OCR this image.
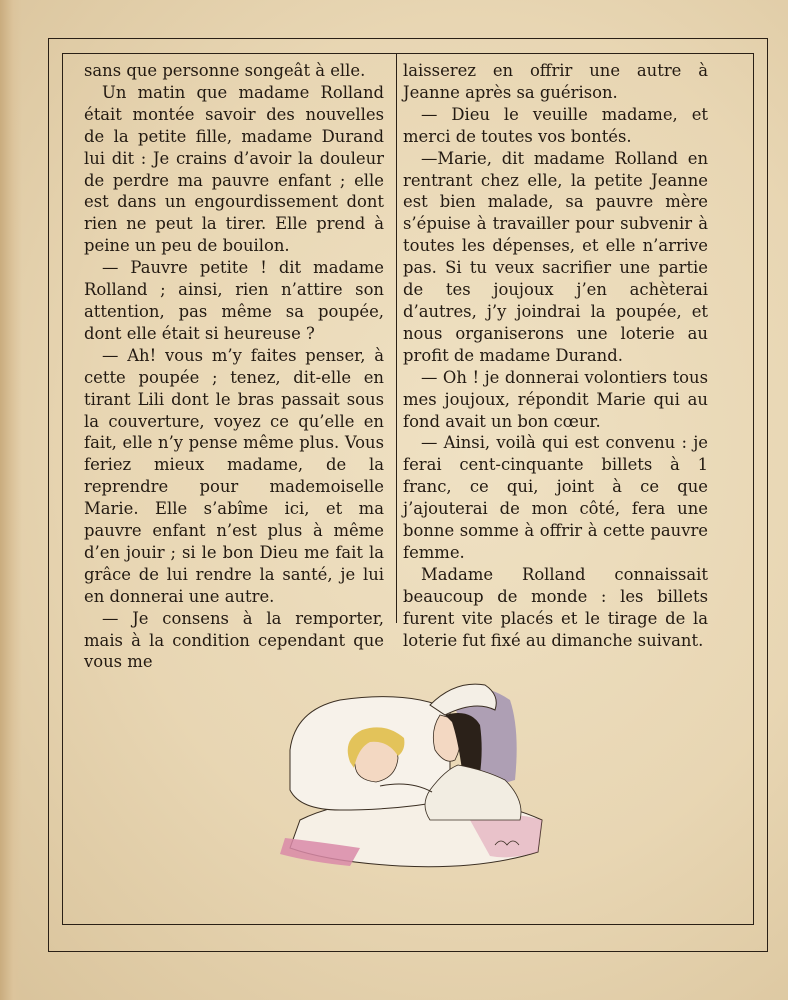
sans que personne songeât à elle.

Un matin que madame Rolland était montée savoir des nouvelles de la petite fille, madame Durand lui dit : Je crains d’avoir la douleur de perdre ma pauvre enfant ; elle est dans un engourdissement dont rien ne peut la tirer. Elle prend à peine un peu de bouilon.

— Pauvre petite ! dit madame Rolland ; ainsi, rien n’attire son attention, pas même sa poupée, dont elle était si heureuse ?

— Ah! vous m’y faites penser, à cette poupée ; tenez, dit-elle en tirant Lili dont le bras passait sous la couverture, voyez ce qu’elle en fait, elle n’y pense même plus. Vous feriez mieux madame, de la reprendre pour mademoiselle Marie. Elle s’abîme ici, et ma pauvre enfant n’est plus à même d’en jouir ; si le bon Dieu me fait la grâce de lui rendre la santé, je lui en donnerai une autre.

— Je consens à la remporter, mais à la condition cependant que vous me

laisserez en offrir une autre à Jeanne après sa guérison.

— Dieu le veuille madame, et merci de toutes vos bontés.

—Marie, dit madame Rolland en rentrant chez elle, la petite Jeanne est bien malade, sa pauvre mère s’épuise à travailler pour subvenir à toutes les dépenses, et elle n’arrive pas. Si tu veux sacrifier une partie de tes joujoux j’en achèterai d’autres, j’y joindrai la poupée, et nous organiserons une loterie au profit de madame Durand.

— Oh ! je donnerai volontiers tous mes joujoux, répondit Marie qui au fond avait un bon cœur.

— Ainsi, voilà qui est convenu : je ferai cent-cinquante billets à 1 franc, ce qui, joint à ce que j’ajouterai de mon côté, fera une bonne somme à offrir à cette pauvre femme.

Madame Rolland connaissait beaucoup de monde : les billets furent vite placés et le tirage de la loterie fut fixé au dimanche suivant.
